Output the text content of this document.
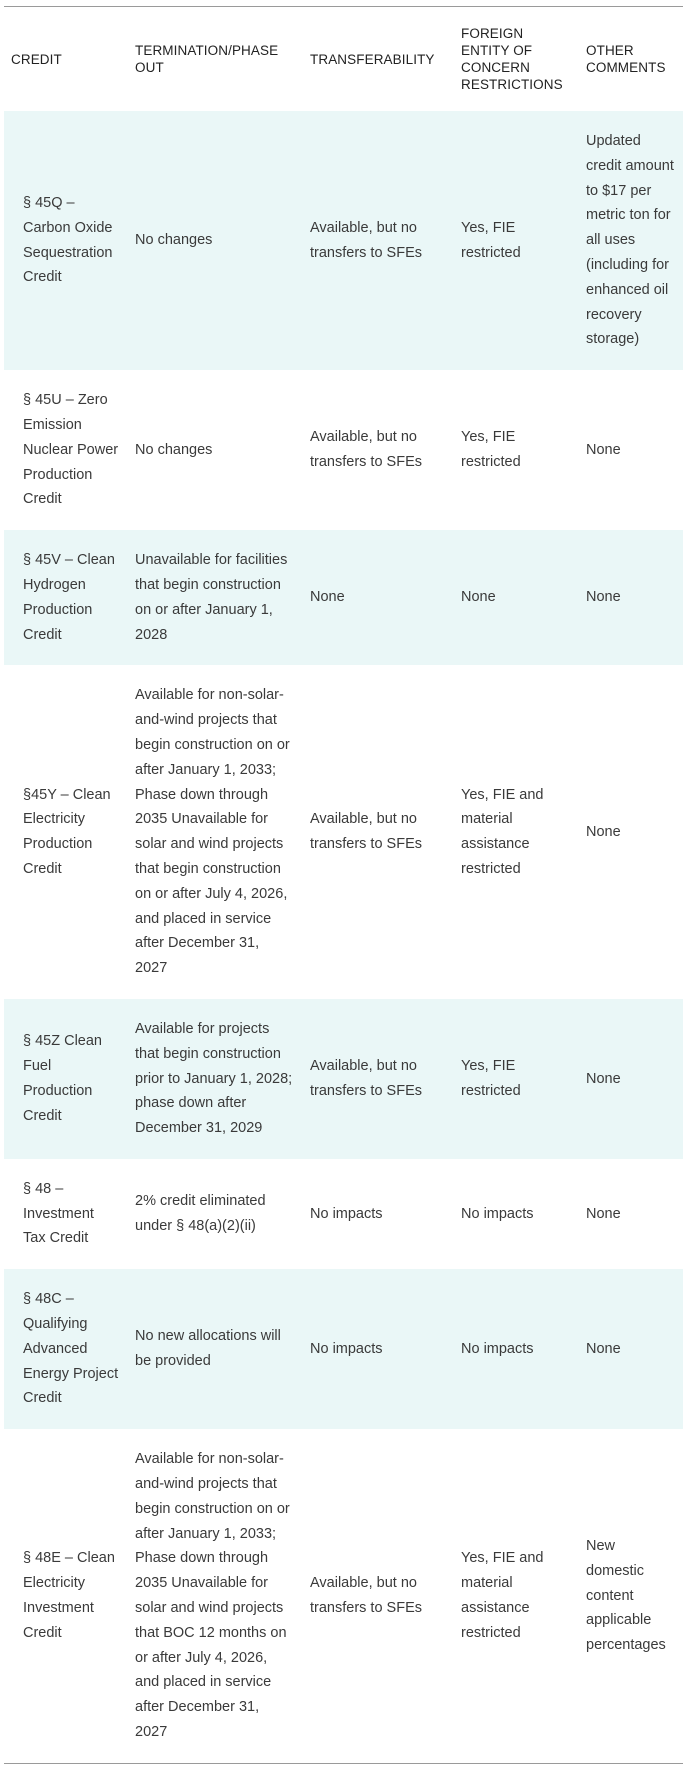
CREDIT	TERMINATION/PHASE OUT	TRANSFERABILITY	FOREIGN ENTITY OF CONCERN RESTRICTIONS	OTHER COMMENTS
§ 45Q – Carbon Oxide Sequestration Credit	No changes	Available, but no transfers to SFEs	Yes, FIE restricted	Updated credit amount to $17 per metric ton for all uses (including for enhanced oil recovery storage)
§ 45U – Zero Emission Nuclear Power Production Credit	No changes	Available, but no transfers to SFEs	Yes, FIE restricted	None
§ 45V – Clean Hydrogen Production Credit	Unavailable for facilities that begin construction on or after January 1, 2028	None	None	None
§45Y – Clean Electricity Production Credit	Available for non-solar-and-wind projects that begin construction on or after January 1, 2033; Phase down through 2035 Unavailable for solar and wind projects that begin construction on or after July 4, 2026, and placed in service after December 31, 2027	Available, but no transfers to SFEs	Yes, FIE and material assistance restricted	None
§ 45Z Clean Fuel Production Credit	Available for projects that begin construction prior to January 1, 2028; phase down after December 31, 2029	Available, but no transfers to SFEs	Yes, FIE restricted	None
§ 48 – Investment Tax Credit	2% credit eliminated under § 48(a)(2)(ii)	No impacts	No impacts	None
§ 48C – Qualifying Advanced Energy Project Credit	No new allocations will be provided	No impacts	No impacts	None
§ 48E – Clean Electricity Investment Credit	Available for non-solar-and-wind projects that begin construction on or after January 1, 2033; Phase down through 2035 Unavailable for solar and wind projects that BOC 12 months on or after July 4, 2026, and placed in service after December 31, 2027	Available, but no transfers to SFEs	Yes, FIE and material assistance restricted	New domestic content applicable percentages
